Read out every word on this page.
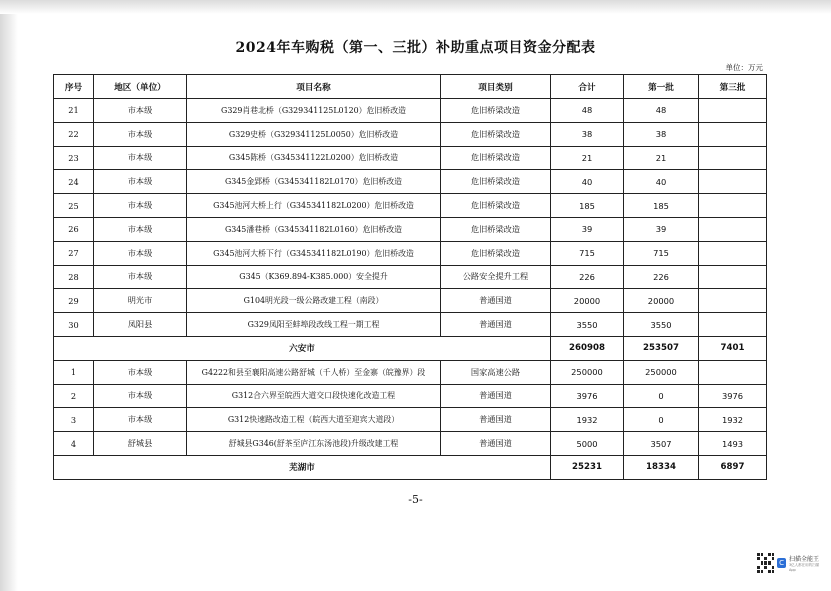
2024年车购税（第一、三批）补助重点项目资金分配表
单位：万元
序号	地区（单位）	项目名称	项目类别	合计	第一批	第三批
21	市本级	G329肖巷北桥（G329341125L0120）危旧桥改造	危旧桥梁改造	48	48	
22	市本级	G329史桥（G329341125L0050）危旧桥改造	危旧桥梁改造	38	38	
23	市本级	G345陈桥（G345341122L0200）危旧桥改造	危旧桥梁改造	21	21	
24	市本级	G345金郢桥（G345341182L0170）危旧桥改造	危旧桥梁改造	40	40	
25	市本级	G345池河大桥上行（G345341182L0200）危旧桥改造	危旧桥梁改造	185	185	
26	市本级	G345潘巷桥（G345341182L0160）危旧桥改造	危旧桥梁改造	39	39	
27	市本级	G345池河大桥下行（G345341182L0190）危旧桥改造	危旧桥梁改造	715	715	
28	市本级	G345（K369.894-K385.000）安全提升	公路安全提升工程	226	226	
29	明光市	G104明光段一级公路改建工程（南段）	普通国道	20000	20000	
30	凤阳县	G329凤阳至蚌埠段改线工程一期工程	普通国道	3550	3550	
六安市				260908	253507	7401
1	市本级	G4222和县至襄阳高速公路舒城（千人桥）至金寨（皖豫界）段	国家高速公路	250000	250000	
2	市本级	G312合六界至皖西大道交口段快速化改造工程	普通国道	3976	0	3976
3	市本级	G312快速路改造工程（皖西大道至迎宾大道段）	普通国道	1932	0	1932
4	舒城县	舒城县G346(舒茶至庐江东汤池段)升级改建工程	普通国道	5000	3507	1493
芜湖市				25231	18334	6897
-5-
C 扫描全能王
3亿人都在用的扫描App
